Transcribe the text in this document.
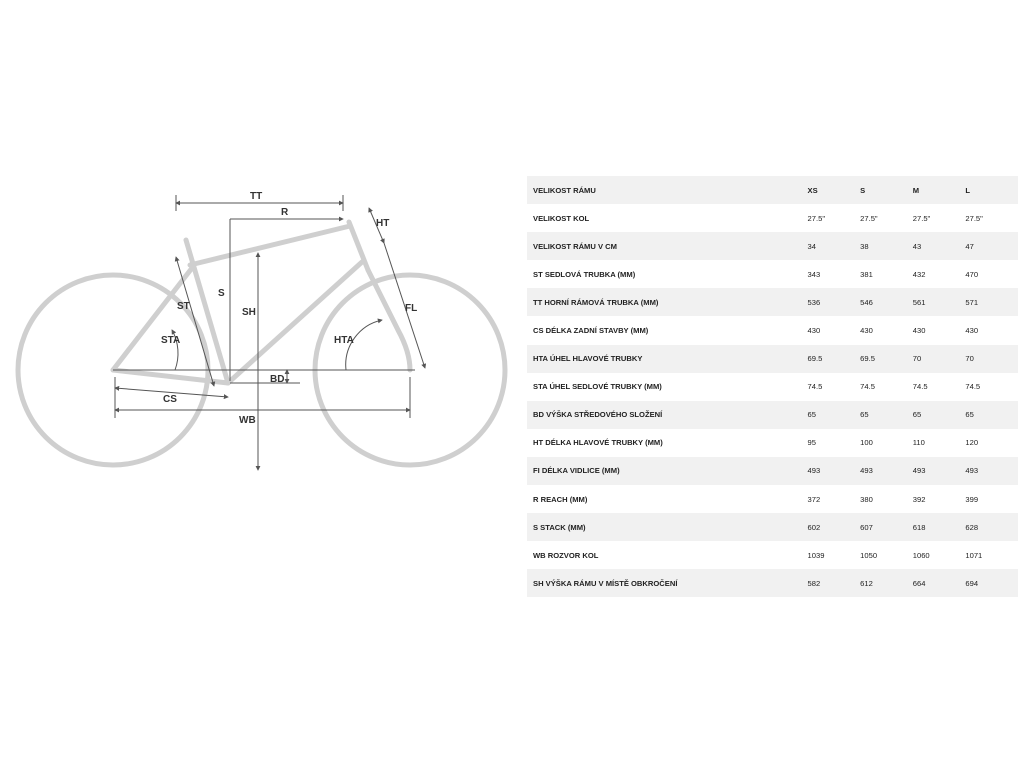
TT
R
HT
ST
S
SH	FL
STA	HTA
BD
CS
WB
VELIKOST RÁMU	XS	S	M	L
VELIKOST KOL	27.5"	27.5"	27.5"	27.5"
VELIKOST RÁMU V CM	34	38	43	47
ST SEDLOVÁ TRUBKA (MM)	343	381	432	470
TT HORNÍ RÁMOVÁ TRUBKA (MM)	536	546	561	571
CS DÉLKA ZADNÍ STAVBY (MM)	430	430	430	430
HTA ÚHEL HLAVOVÉ TRUBKY	69.5	69.5	70	70
STA ÚHEL SEDLOVÉ TRUBKY (MM)	74.5	74.5	74.5	74.5
BD VÝŠKA STŘEDOVÉHO SLOŽENÍ	65	65	65	65
HT DÉLKA HLAVOVÉ TRUBKY (MM)	95	100	110	120
FI DÉLKA VIDLICE (MM)	493	493	493	493
R REACH (MM)	372	380	392	399
S STACK (MM)	602	607	618	628
WB ROZVOR KOL	1039	1050	1060	1071
SH VÝŠKA RÁMU V MÍSTĚ OBKROČENÍ	582	612	664	694
